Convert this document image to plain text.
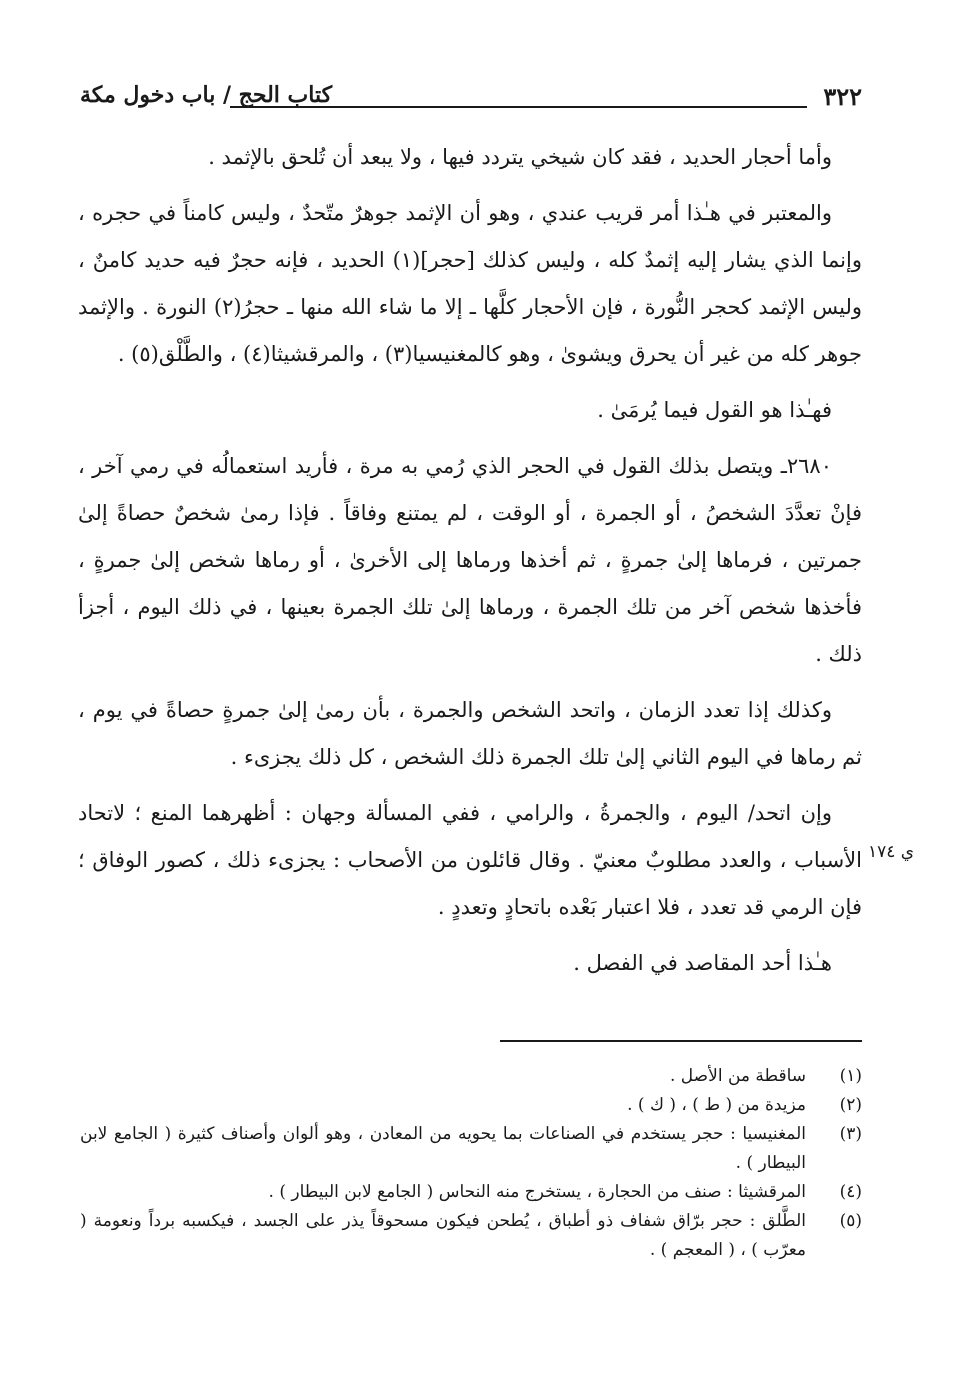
٣٢٢
كتاب الحج / باب دخول مكة

وأما أحجار الحديد ، فقد كان شيخي يتردد فيها ، ولا يبعد أن تُلحق بالإثمد .

والمعتبر في هـٰذا أمر قريب عندي ، وهو أن الإثمد جوهرٌ متّحدٌ ، وليس كامناً في حجره ، وإنما الذي يشار إليه إثمدٌ كله ، وليس كذلك [حجر](١) الحديد ، فإنه حجرٌ فيه حديد كامنٌ ، وليس الإثمد كحجر النُّورة ، فإن الأحجار كلَّها ـ إلا ما شاء الله منها ـ حجرُ(٢) النورة . والإثمد جوهر كله من غير أن يحرق ويشوىٰ ، وهو كالمغنيسيا(٣) ، والمرقشيثا(٤) ، والطَّلْق(٥) .

فهـٰذا هو القول فيما يُرمَىٰ .

٢٦٨٠ـ ويتصل بذلك القول في الحجر الذي رُمي به مرة ، فأريد استعمالُه في رمي آخر ، فإنْ تعدَّدَ الشخصُ ، أو الجمرة ، أو الوقت ، لم يمتنع وفاقاً . فإذا رمىٰ شخصٌ حصاةً إلىٰ جمرتين ، فرماها إلىٰ جمرةٍ ، ثم أخذها ورماها إلى الأخرىٰ ، أو رماها شخص إلىٰ جمرةٍ ، فأخذها شخص آخر من تلك الجمرة ، ورماها إلىٰ تلك الجمرة بعينها ، في ذلك اليوم ، أجزأ ذلك .

وكذلك إذا تعدد الزمان ، واتحد الشخص والجمرة ، بأن رمىٰ إلىٰ جمرةٍ حصاةً في يوم ، ثم رماها في اليوم الثاني إلىٰ تلك الجمرة ذلك الشخص ، كل ذلك يجزىء .

وإن اتحد/ اليوم ، والجمرةُ ، والرامي ، ففي المسألة وجهان : أظهرهما المنع ؛ لاتحاد الأسباب ، والعدد مطلوبٌ معنيّ . وقال قائلون من الأصحاب : يجزىء ذلك ، كصور الوفاق ؛ فإن الرمي قد تعدد ، فلا اعتبار بَعْده باتحادٍ وتعددٍ .

هـٰذا أحد المقاصد في الفصل .

ي ١٧٤
(١)
ساقطة من الأصل .
(٢)
مزيدة من ( ط ) ، ( ك ) .
(٣)
المغنيسيا : حجر يستخدم في الصناعات بما يحويه من المعادن ، وهو ألوان وأصناف كثيرة ( الجامع لابن البيطار ) .
(٤)
المرقشيثا : صنف من الحجارة ، يستخرج منه النحاس ( الجامع لابن البيطار ) .
(٥)
الطَّلق : حجر برّاق شفاف ذو أطباق ، يُطحن فيكون مسحوقاً يذر على الجسد ، فيكسبه برداً ونعومة ( معرّب ) ، ( المعجم ) .
